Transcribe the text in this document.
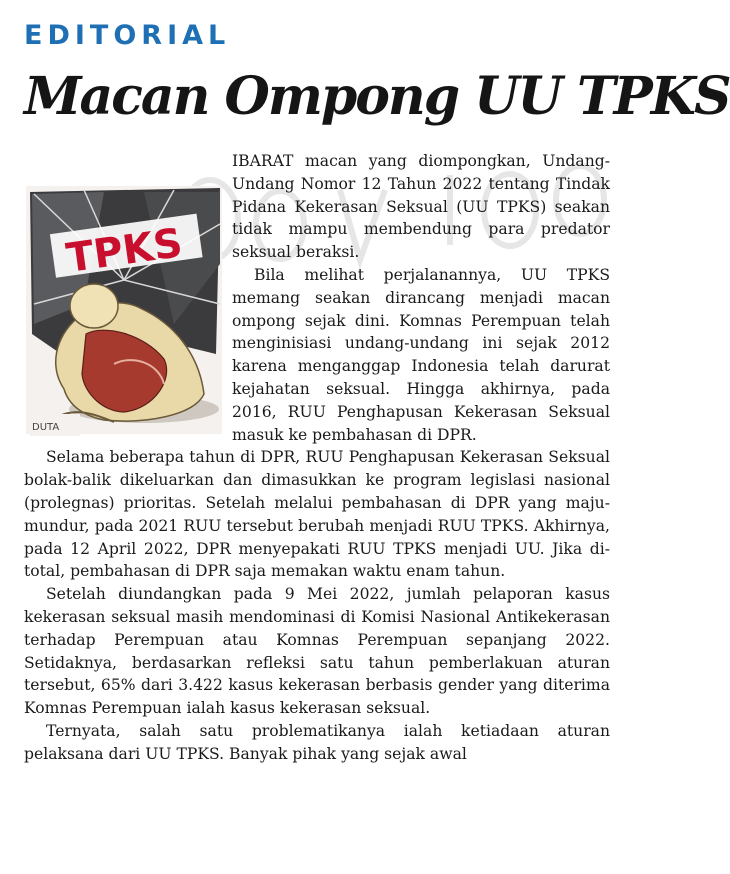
EDITORIAL
Macan Ompong UU TPKS
TPKS
DUTA

IBARAT macan yang diompongkan, Undang-Undang Nomor 12 Tahun 2022 tentang Tindak Pidana Kekerasan Seksual (UU TPKS) seakan tidak mampu membendung para predator seksual beraksi.

Bila melihat perjalanannya, UU TPKS memang seakan dirancang menjadi macan ompong sejak dini. Komnas Perempuan telah menginisiasi undang-undang ini sejak 2012 karena menganggap Indonesia telah darurat kejahatan seksual. Hingga akhirnya, pada 2016, RUU Penghapusan Kekerasan Seksual masuk ke pembahasan di DPR.

Selama beberapa tahun di DPR, RUU Penghapusan Kekerasan Seksual bolak-balik dikeluarkan dan dimasukkan ke program legislasi nasional (prolegnas) prioritas. Setelah melalui pembahasan di DPR yang maju-mundur, pada 2021 RUU tersebut berubah menjadi RUU TPKS. Akhirnya, pada 12 April 2022, DPR menyepakati RUU TPKS menjadi UU. Jika ditotal, pembahasan di DPR saja memakan waktu enam tahun.

Setelah diundangkan pada 9 Mei 2022, jumlah pelaporan kasus kekerasan seksual masih mendominasi di Komisi Nasional Antikekerasan terhadap Perempuan atau Komnas Perempuan sepanjang 2022. Setidaknya, berdasarkan refleksi satu tahun pemberlakuan aturan tersebut, 65% dari 3.422 kasus kekerasan berbasis gender yang diterima Komnas Perempuan ialah kasus kekerasan seksual.

Ternyata, salah satu problematikanya ialah ketiadaan aturan pelaksana dari UU TPKS. Banyak pihak yang sejak awal
